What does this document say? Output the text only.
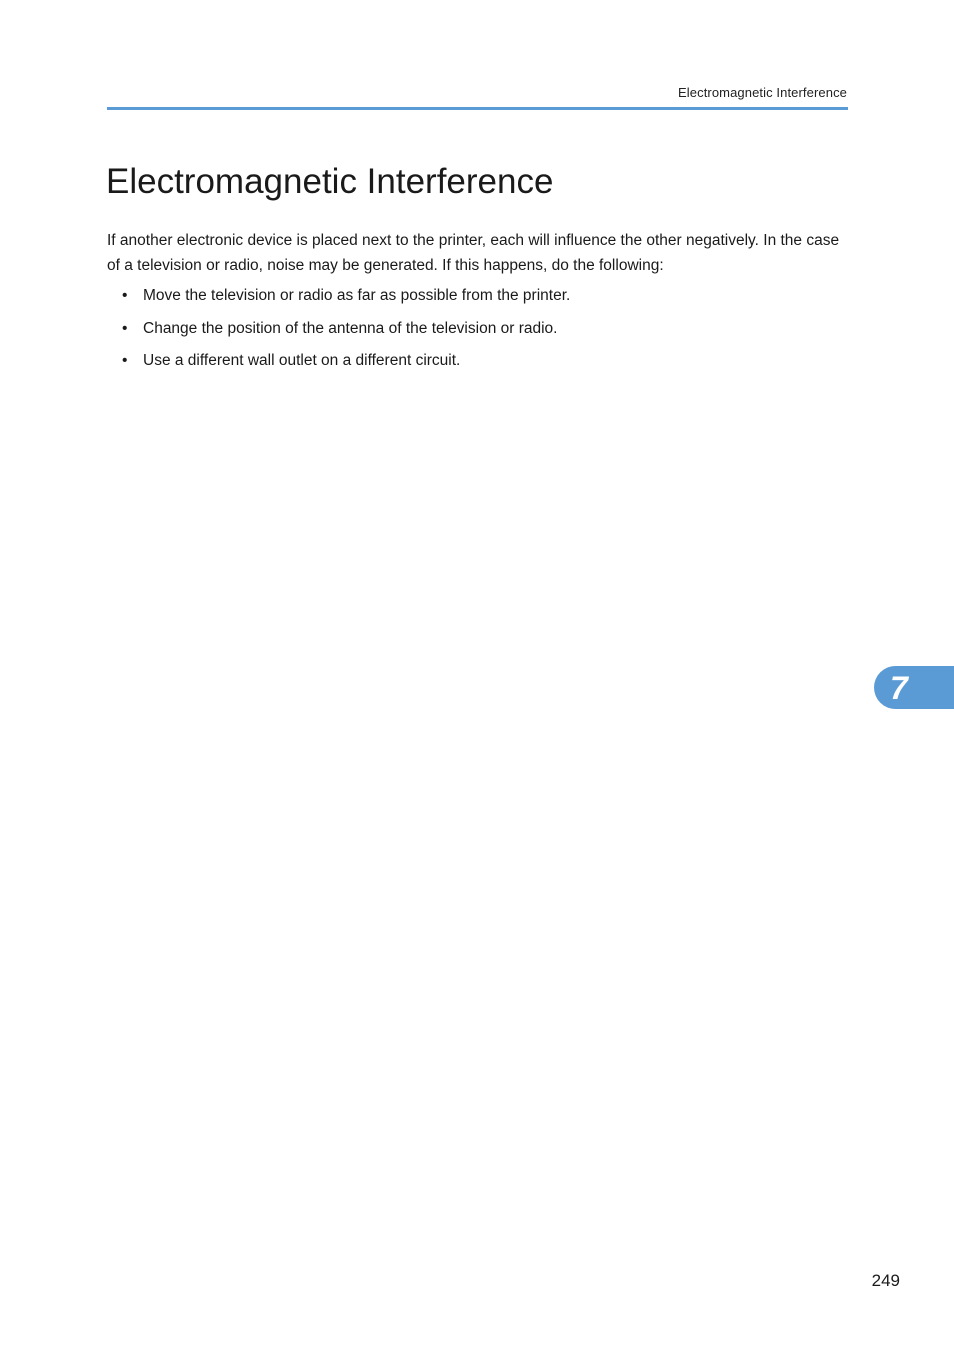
Electromagnetic Interference
Electromagnetic Interference

If another electronic device is placed next to the printer, each will influence the other negatively. In the case of a television or radio, noise may be generated. If this happens, do the following:

• Move the television or radio as far as possible from the printer.
• Change the position of the antenna of the television or radio.
• Use a different wall outlet on a different circuit.
7
249
